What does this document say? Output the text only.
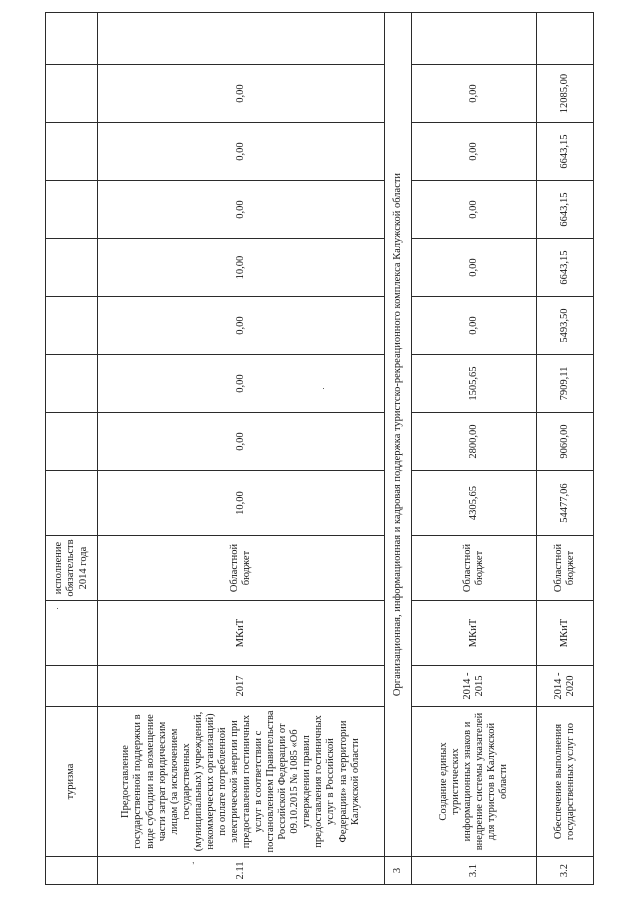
	туризма			исполнение обязательств 2014 года									
2.11	Предоставление государственной поддержки в виде субсидии на возмещение части затрат юридическим лицам (за исключением государственных (муниципальных) учреждений, некоммерческих организаций) по оплате потребленной электрической энергии при предоставлении гостиничных услуг в соответствии с постановлением Правительства Российской Федерации от 09.10.2015 № 1085 «Об утверждении правил предоставления гостиничных услуг в Российской Федерации» на территории Калужской области	2017	МКиТ	Областной бюджет	10,00	0,00	0,00	0,00	10,00	0,00	0,00	0,00	
3	Организационная, информационная и кадровая поддержка туристско-рекреационного комплекса Калужской области												
3.1	Создание единых туристических информационных знаков и внедрение системы указателей для туристов в Калужской области	2014 - 2015	МКиТ	Областной бюджет	4305,65	2800,00	1505,65	0,00	0,00	0,00	0,00	0,00	
3.2	Обеспечение выполнения государственных услуг по	2014 - 2020	МКиТ	Областной бюджет	54477,06	9060,00	7909,11	5493,50	6643,15	6643,15	6643,15	12085,00	
,
·
·
